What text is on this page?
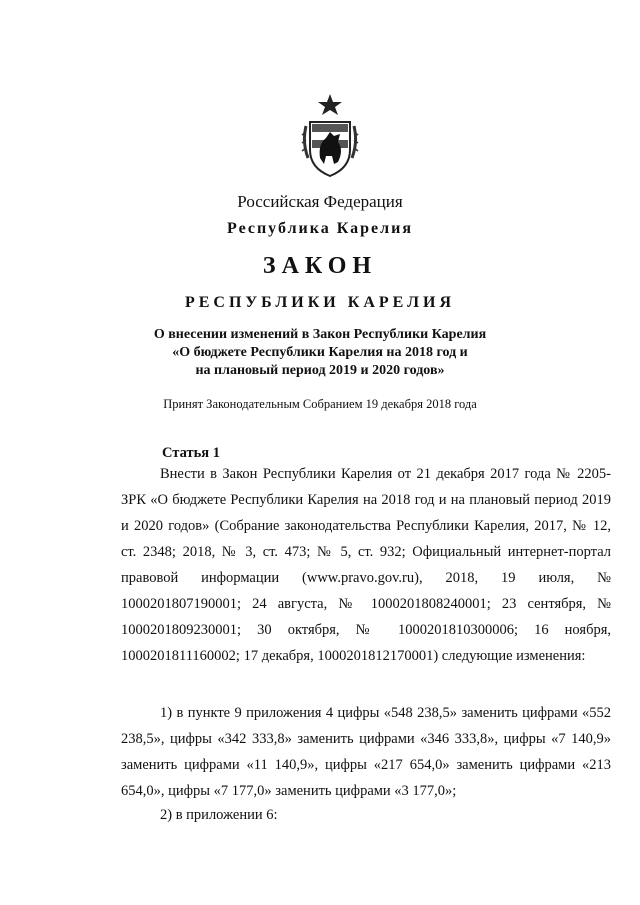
Российская Федерация
Республика Карелия
ЗАКОН
РЕСПУБЛИКИ КАРЕЛИЯ
О внесении изменений в Закон Республики Карелия
«О бюджете Республики Карелия на 2018 год и
на плановый период 2019 и 2020 годов»
Принят Законодательным Собранием 19 декабря 2018 года
Статья 1
Внести в Закон Республики Карелия от 21 декабря 2017 года № 2205-ЗРК «О бюджете Республики Карелия на 2018 год и на плановый период 2019 и 2020 годов» (Собрание законодательства Республики Карелия, 2017, № 12, ст. 2348; 2018, № 3, ст. 473; № 5, ст. 932; Официальный интернет-портал правовой информации (www.pravo.gov.ru), 2018, 19 июля, № 1000201807190001; 24 августа, № 1000201808240001; 23 сентября, № 1000201809230001; 30 октября, № 1000201810300006; 16 ноября, 1000201811160002; 17 декабря, 1000201812170001) следующие изменения:
1) в пункте 9 приложения 4 цифры «548 238,5» заменить цифрами «552 238,5», цифры «342 333,8» заменить цифрами «346 333,8», цифры «7 140,9» заменить цифрами «11 140,9», цифры «217 654,0» заменить цифрами «213 654,0», цифры «7 177,0» заменить цифрами «3 177,0»;
2) в приложении 6:
